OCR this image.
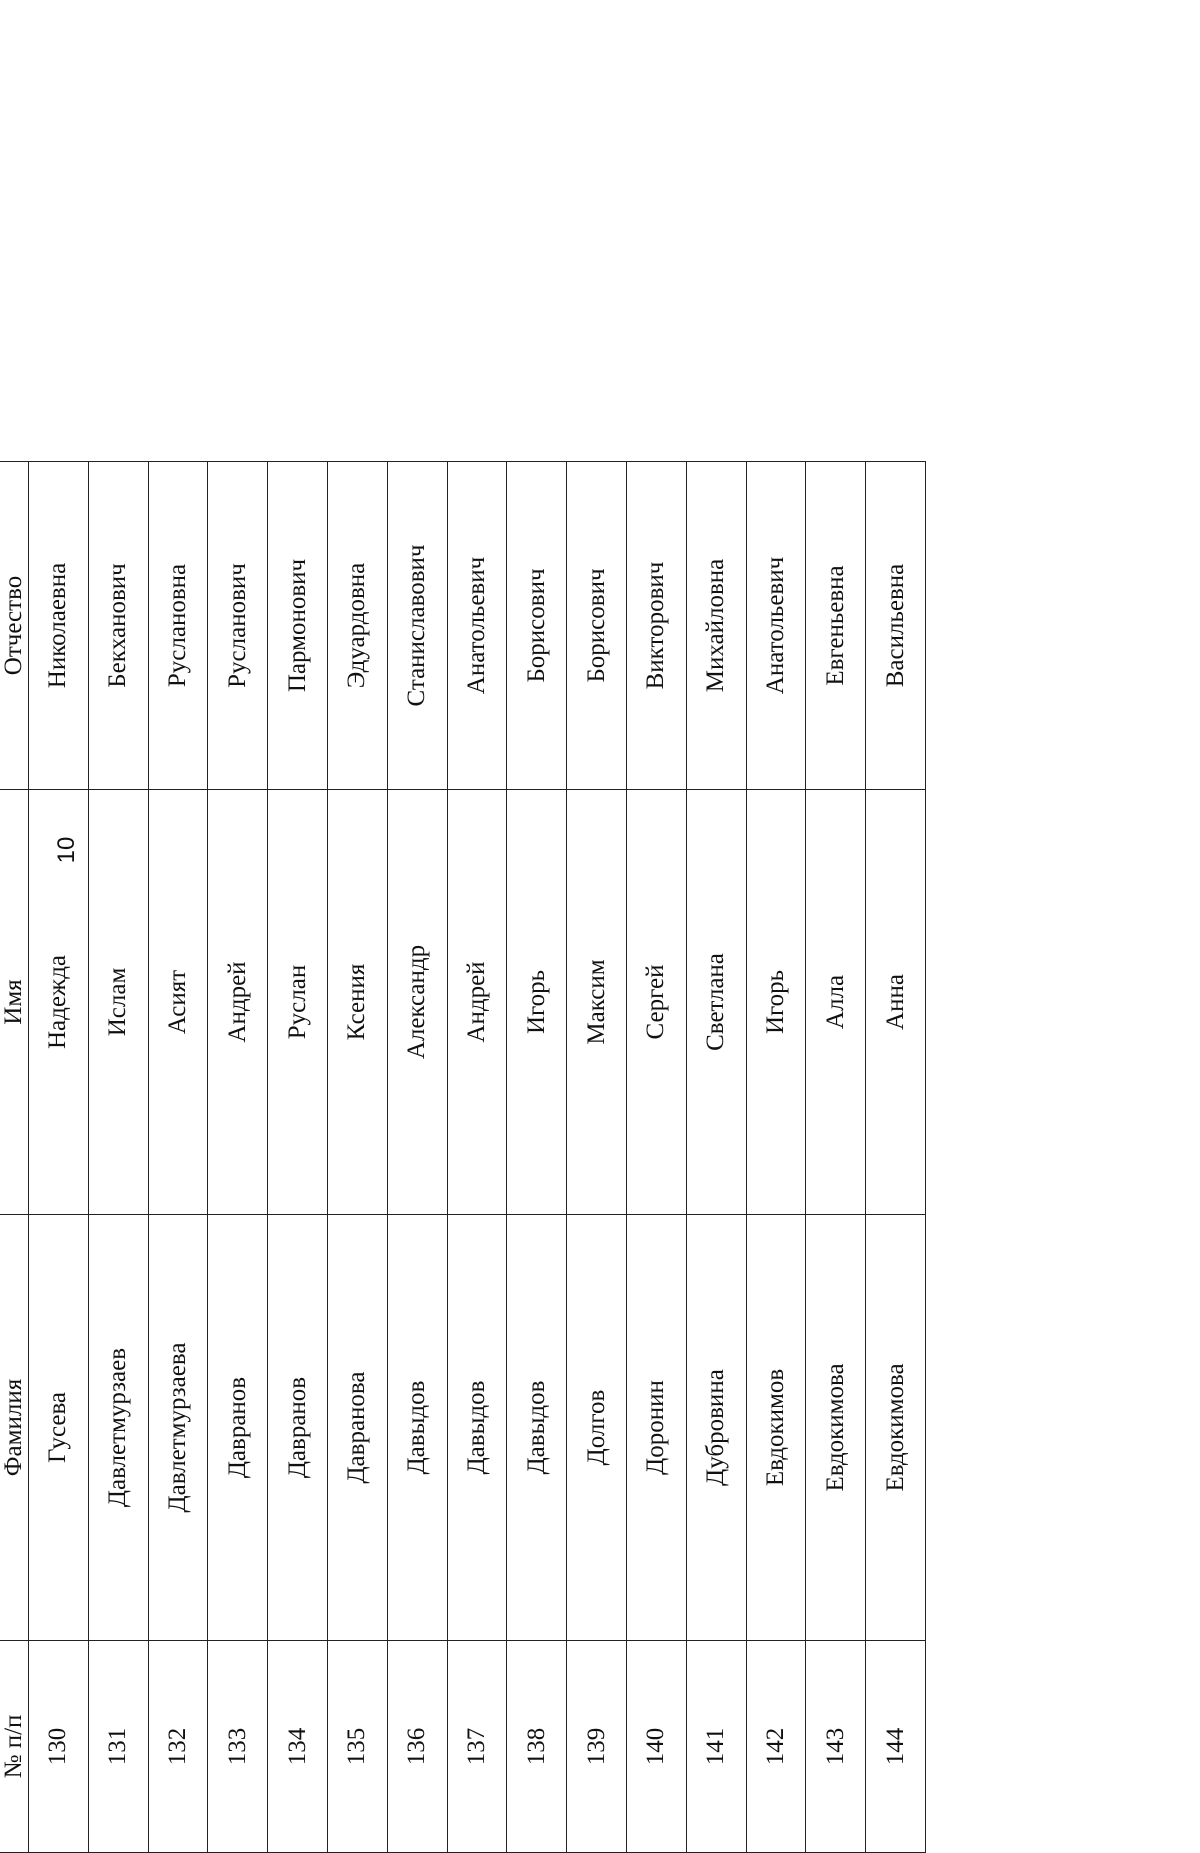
10
№ п/п	Фамилия	Имя	Отчество
130	Гусева	Надежда	Николаевна
131	Давлетмурзаев	Ислам	Бекханович
132	Давлетмурзаева	Асият	Руслановна
133	Давранов	Андрей	Русланович
134	Давранов	Руслан	Пармонович
135	Давранова	Ксения	Эдуардовна
136	Давыдов	Александр	Станиславович
137	Давыдов	Андрей	Анатольевич
138	Давыдов	Игорь	Борисович
139	Долгов	Максим	Борисович
140	Доронин	Сергей	Викторович
141	Дубровина	Светлана	Михайловна
142	Евдокимов	Игорь	Анатольевич
143	Евдокимова	Алла	Евгеньевна
144	Евдокимова	Анна	Васильевна
